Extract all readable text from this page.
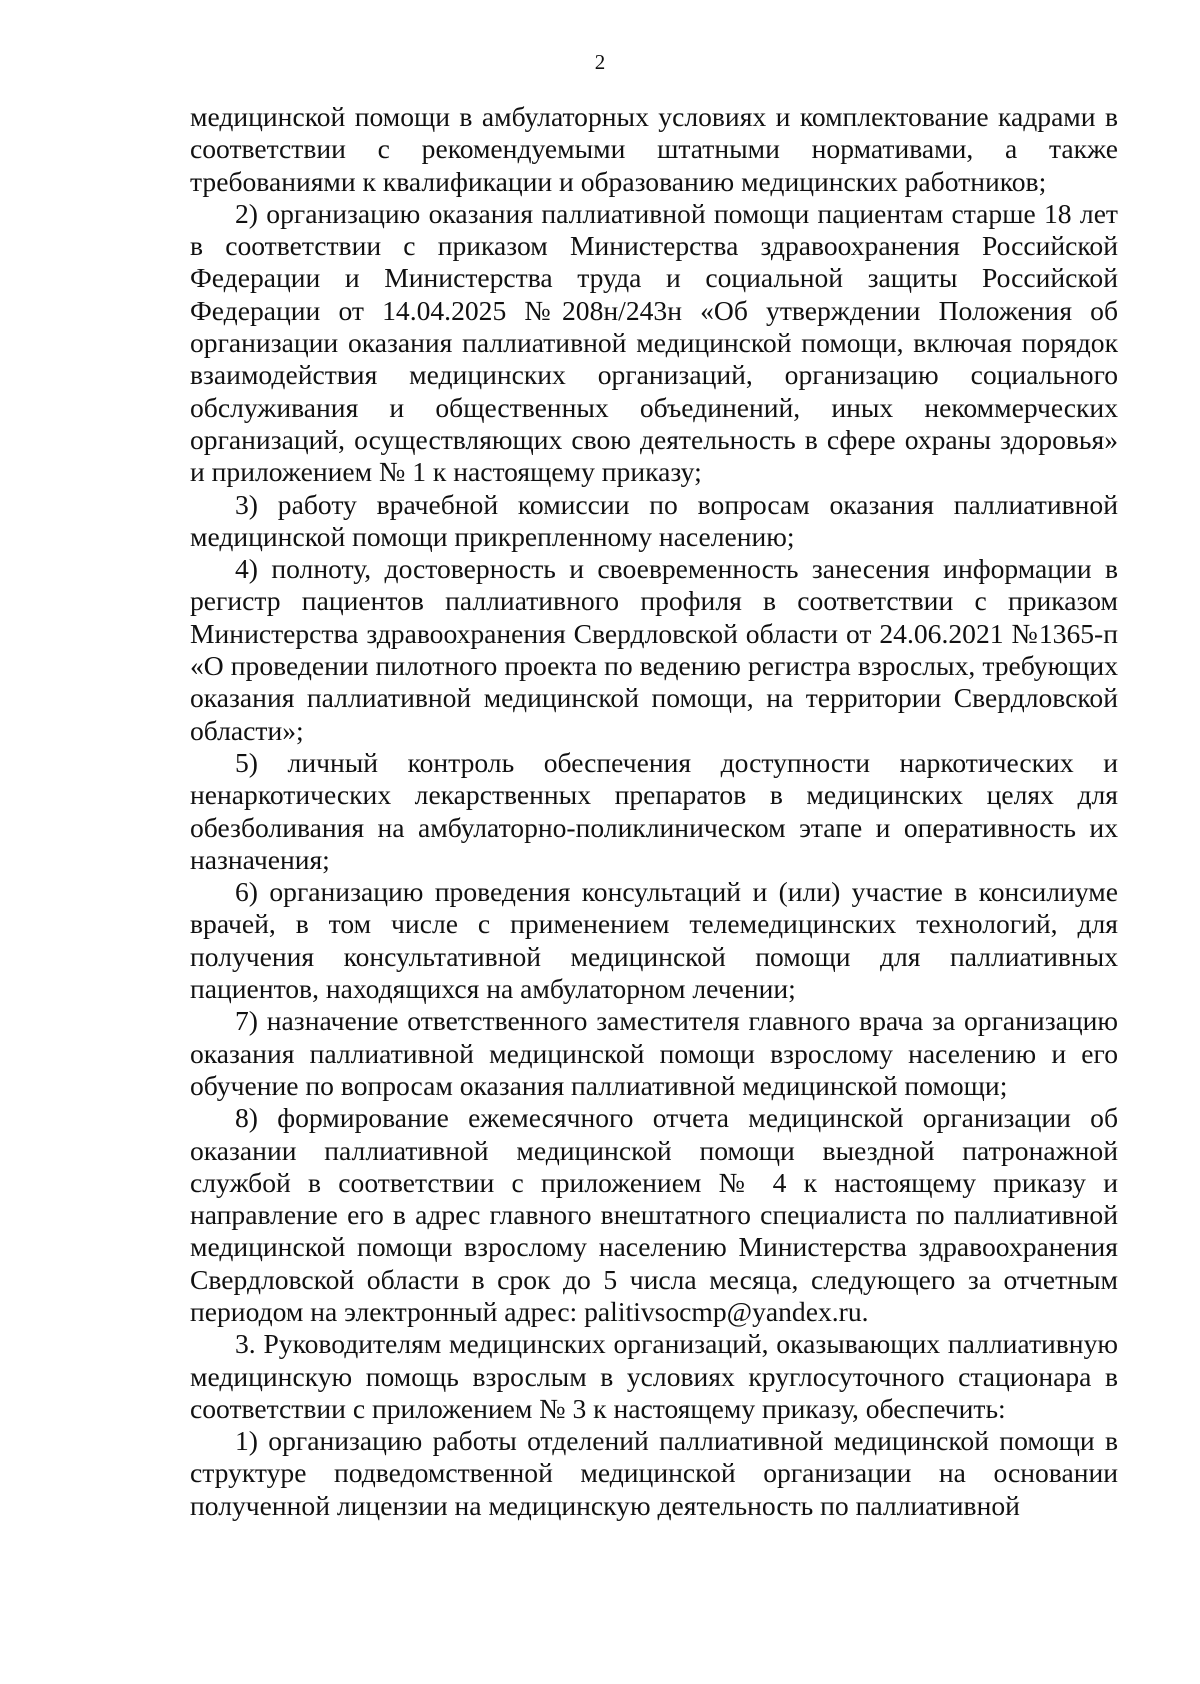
2

медицинской помощи в амбулаторных условиях и комплектование кадрами в соответствии с рекомендуемыми штатными нормативами, а также требованиями к квалификации и образованию медицинских работников;

2) организацию оказания паллиативной помощи пациентам старше 18 лет в соответствии с приказом Министерства здравоохранения Российской Федерации и Министерства труда и социальной защиты Российской Федерации от 14.04.2025 №208н/243н «Об утверждении Положения об организации оказания паллиативной медицинской помощи, включая порядок взаимодействия медицинских организаций, организацию социального обслуживания и общественных объединений, иных некоммерческих организаций, осуществляющих свою деятельность в сфере охраны здоровья» и приложением № 1 к настоящему приказу;

3) работу врачебной комиссии по вопросам оказания паллиативной медицинской помощи прикрепленному населению;

4) полноту, достоверность и своевременность занесения информации в регистр пациентов паллиативного профиля в соответствии с приказом Министерства здравоохранения Свердловской области от 24.06.2021 №1365-п «О проведении пилотного проекта по ведению регистра взрослых, требующих оказания паллиативной медицинской помощи, на территории Свердловской области»;

5) личный контроль обеспечения доступности наркотических и ненаркотических лекарственных препаратов в медицинских целях для обезболивания на амбулаторно-поликлиническом этапе и оперативность их назначения;

6) организацию проведения консультаций и (или) участие в консилиуме врачей, в том числе с применением телемедицинских технологий, для получения консультативной медицинской помощи для паллиативных пациентов, находящихся на амбулаторном лечении;

7) назначение ответственного заместителя главного врача за организацию оказания паллиативной медицинской помощи взрослому населению и его обучение по вопросам оказания паллиативной медицинской помощи;

8) формирование ежемесячного отчета медицинской организации об оказании паллиативной медицинской помощи выездной патронажной службой в соответствии с приложением № 4 к настоящему приказу и направление его в адрес главного внештатного специалиста по паллиативной медицинской помощи взрослому населению Министерства здравоохранения Свердловской области в срок до 5 числа месяца, следующего за отчетным периодом на электронный адрес: palitivsocmp@yandex.ru.

3. Руководителям медицинских организаций, оказывающих паллиативную медицинскую помощь взрослым в условиях круглосуточного стационара в соответствии с приложением № 3 к настоящему приказу, обеспечить:

1) организацию работы отделений паллиативной медицинской помощи в структуре подведомственной медицинской организации на основании полученной лицензии на медицинскую деятельность по паллиативной
